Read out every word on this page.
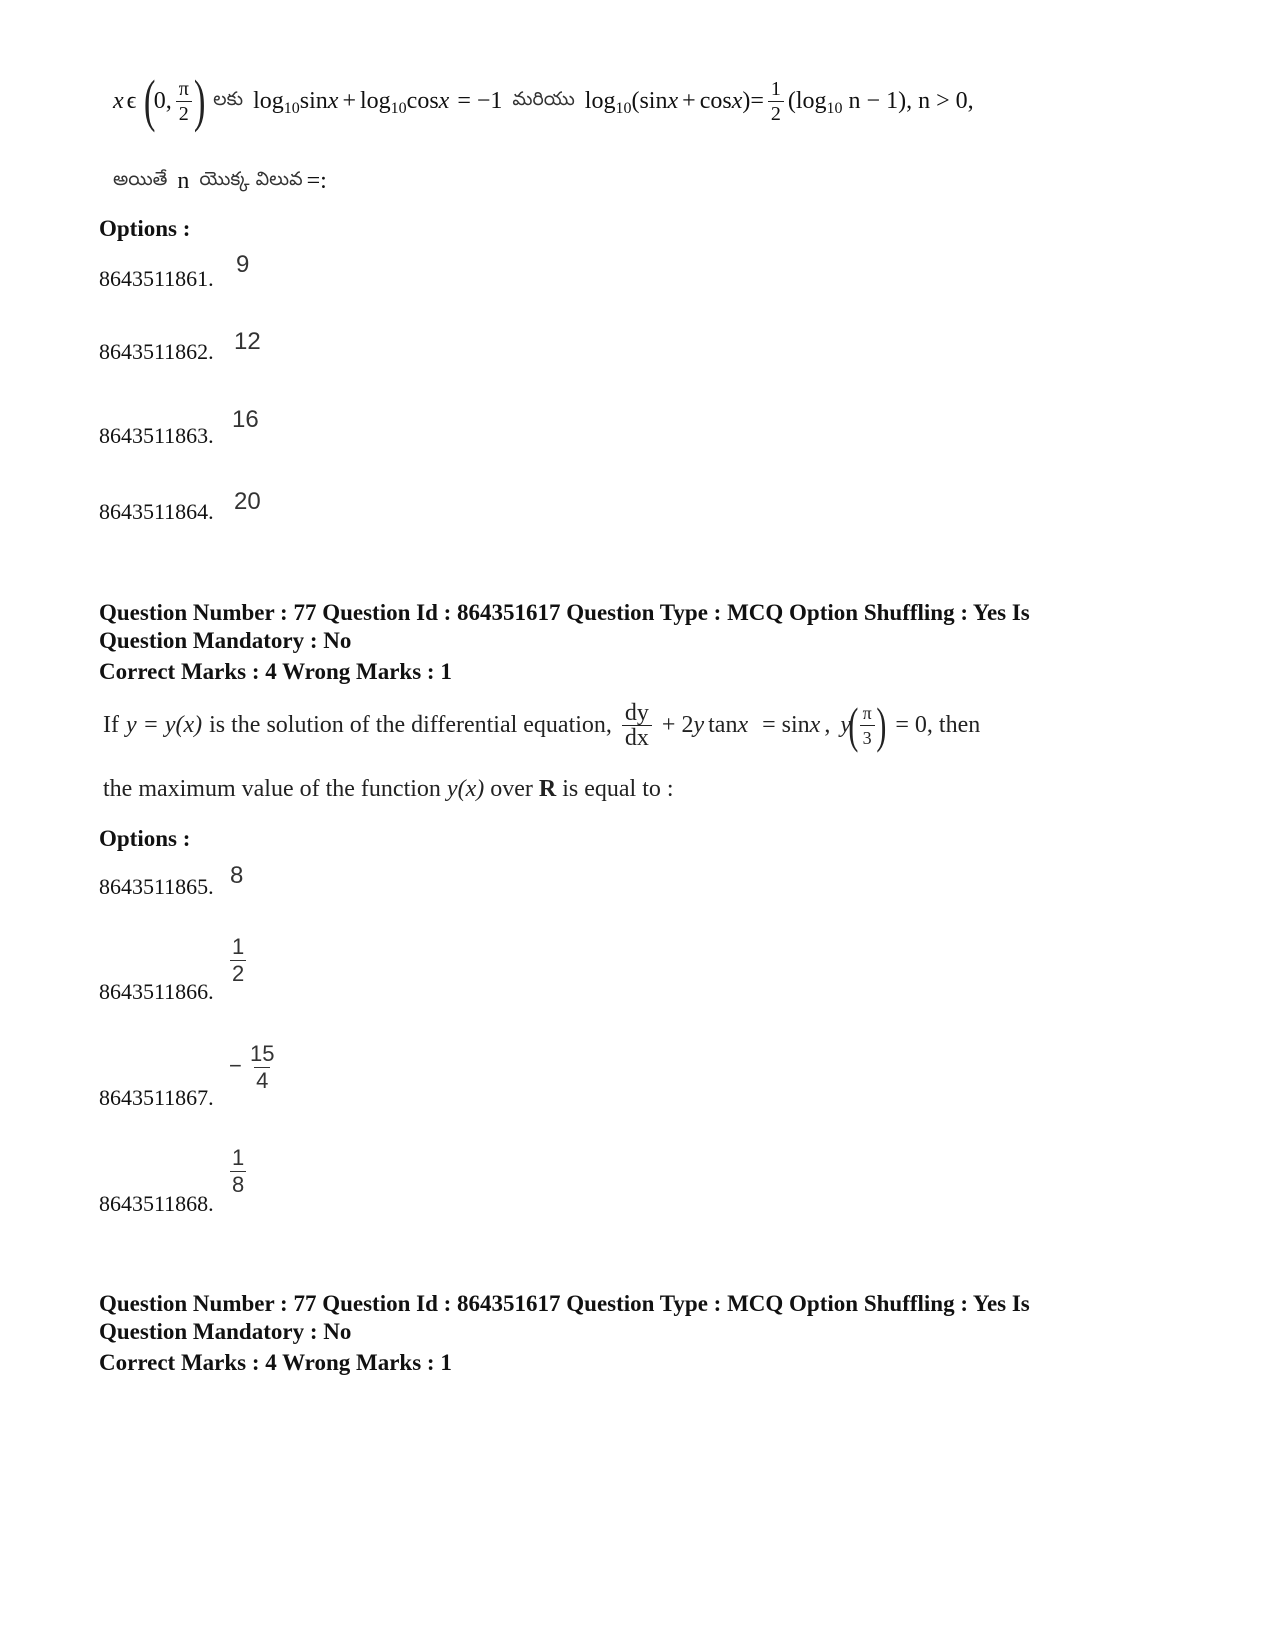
x ϵ (
0, $\frac{\pi}{2}$ ) లకు log 10 sin x + log 10 cos x = −1 మరియు log 10 ( sin x + cos x )= $\frac{1}{2} (\log$ 10 n − 1), n > 0,
అయితే n యొక్క విలువ =:
Options :
8643511861.
9
8643511862. 12
8643511863.
16
8643511864. 20
Question Number : 77 Question Id : 864351617 Question Type : MCQ Option Shuffling : Yes Is
Question Mandatory : No
Correct Marks : 4 Wrong Marks : 1
If y = y(x) is the solution of the differential equation, $\frac{dy}{dx} + 2$ y tan x = sin x , y
( $\frac{\pi}{3}$ ) = 0, then
the maximum value of the function y(x) over R is equal to :
Options :
8643511865. 8
8643511866.
$\frac{1}{2}$
8643511867.
− $\frac{15}{4}$
8643511868.
$\frac{1}{8}$
Question Number : 77 Question Id : 864351617 Question Type : MCQ Option Shuffling : Yes Is
Question Mandatory : No
Correct Marks : 4 Wrong Marks : 1
